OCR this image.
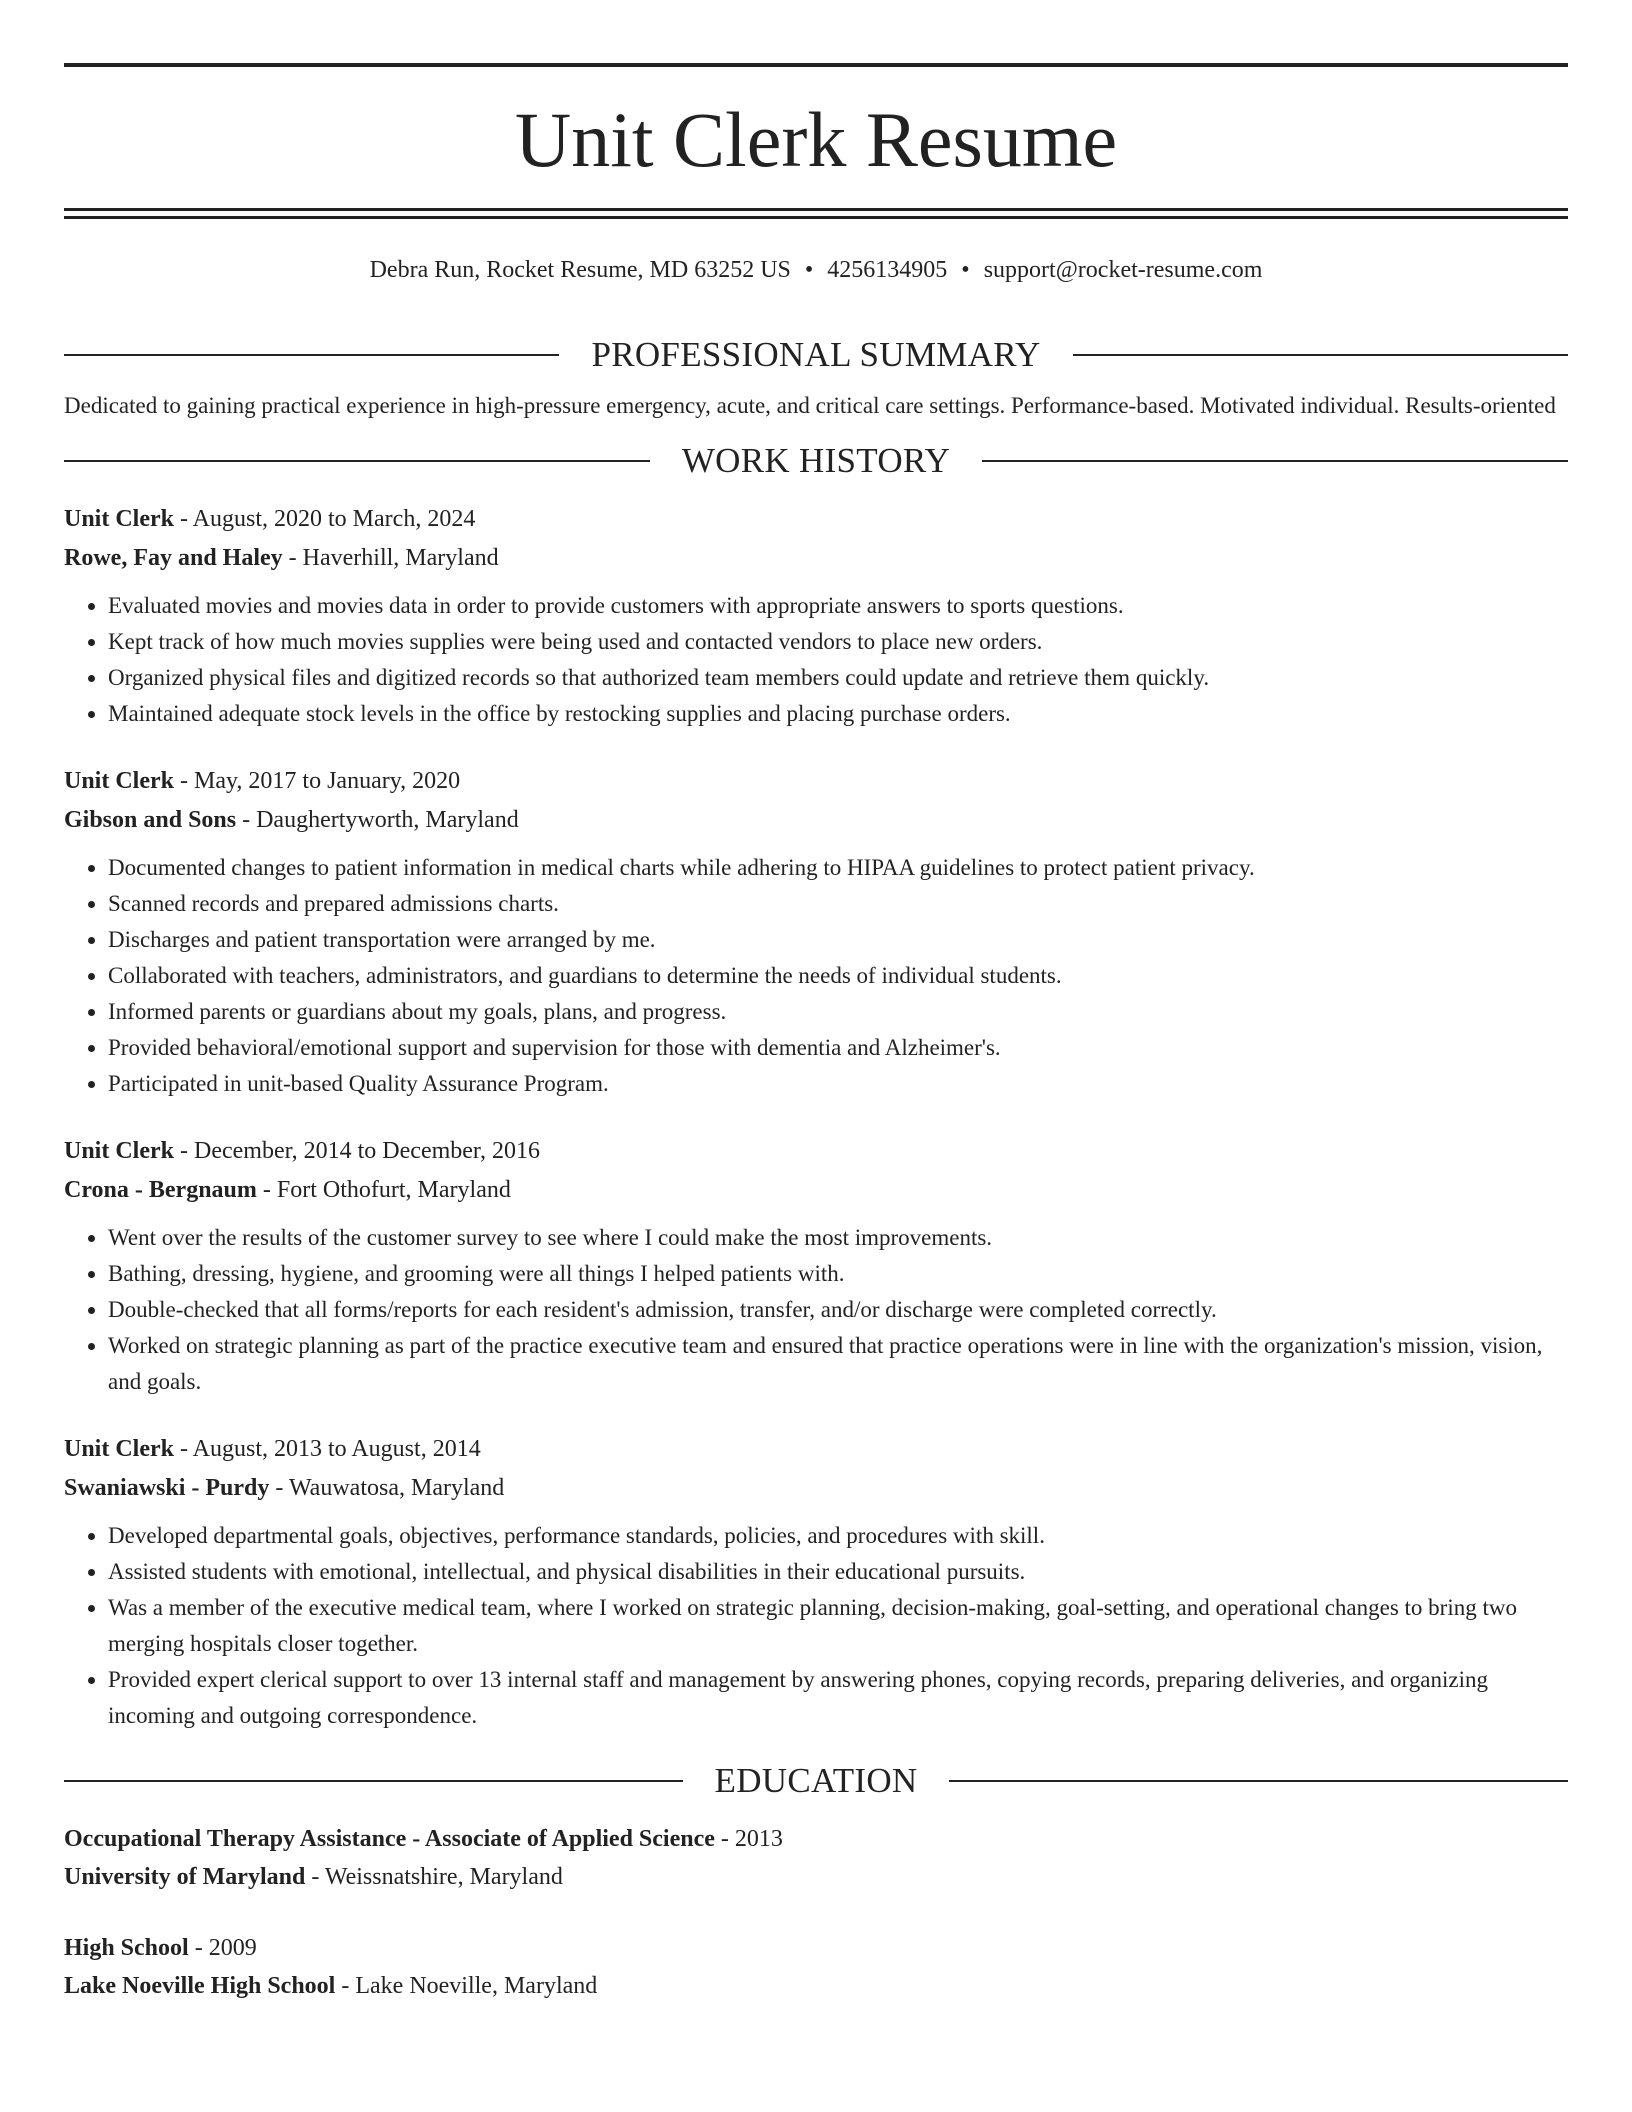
Unit Clerk Resume
Debra Run, Rocket Resume, MD 63252 US • 4256134905 • support@rocket-resume.com
PROFESSIONAL SUMMARY

Dedicated to gaining practical experience in high-pressure emergency, acute, and critical care settings. Performance-based. Motivated individual. Results-oriented

WORK HISTORY
Unit Clerk - August, 2020 to March, 2024
Rowe, Fay and Haley - Haverhill, Maryland
• Evaluated movies and movies data in order to provide customers with appropriate answers to sports questions.
• Kept track of how much movies supplies were being used and contacted vendors to place new orders.
• Organized physical files and digitized records so that authorized team members could update and retrieve them quickly.
• Maintained adequate stock levels in the office by restocking supplies and placing purchase orders.
Unit Clerk - May, 2017 to January, 2020
Gibson and Sons - Daughertyworth, Maryland
• Documented changes to patient information in medical charts while adhering to HIPAA guidelines to protect patient privacy.
• Scanned records and prepared admissions charts.
• Discharges and patient transportation were arranged by me.
• Collaborated with teachers, administrators, and guardians to determine the needs of individual students.
• Informed parents or guardians about my goals, plans, and progress.
• Provided behavioral/emotional support and supervision for those with dementia and Alzheimer's.
• Participated in unit-based Quality Assurance Program.
Unit Clerk - December, 2014 to December, 2016
Crona - Bergnaum - Fort Othofurt, Maryland
• Went over the results of the customer survey to see where I could make the most improvements.
• Bathing, dressing, hygiene, and grooming were all things I helped patients with.
• Double-checked that all forms/reports for each resident's admission, transfer, and/or discharge were completed correctly.
• Worked on strategic planning as part of the practice executive team and ensured that practice operations were in line with the organization's mission, vision, and goals.
Unit Clerk - August, 2013 to August, 2014
Swaniawski - Purdy - Wauwatosa, Maryland
• Developed departmental goals, objectives, performance standards, policies, and procedures with skill.
• Assisted students with emotional, intellectual, and physical disabilities in their educational pursuits.
• Was a member of the executive medical team, where I worked on strategic planning, decision-making, goal-setting, and operational changes to bring two merging hospitals closer together.
• Provided expert clerical support to over 13 internal staff and management by answering phones, copying records, preparing deliveries, and organizing incoming and outgoing correspondence.
EDUCATION
Occupational Therapy Assistance - Associate of Applied Science - 2013
University of Maryland - Weissnatshire, Maryland
High School - 2009
Lake Noeville High School - Lake Noeville, Maryland
